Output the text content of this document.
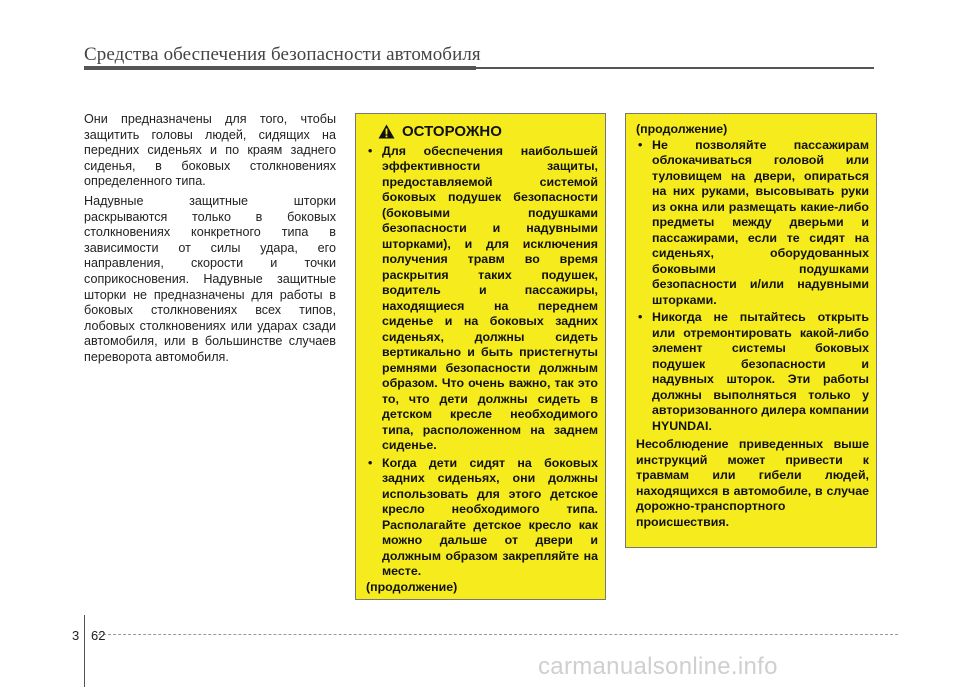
Средства обеспечения безопасности автомобиля

Они предназначены для того, чтобы защитить головы людей, сидящих на передних сиденьях и по краям заднего сиденья, в боковых столкновениях определенного типа.

Надувные защитные шторки раскрываются только в боковых столкновениях конкретного типа в зависимости от силы удара, его направления, скорости и точки соприкосновения. Надувные защитные шторки не предназначены для работы в боковых столкновениях всех типов, лобовых столкновениях или ударах сзади автомобиля, или в большинстве случаев переворота автомобиля.

ОСТОРОЖНО
• Для обеспечения наибольшей эффективности защиты, предоставляемой системой боковых подушек безопасности (боковыми подушками безопасности и надувными шторками), и для исключения получения травм во время раскрытия таких подушек, водитель и пассажиры, находящиеся на переднем сиденье и на боковых задних сиденьях, должны сидеть вертикально и быть пристегнуты ремнями безопасности должным образом. Что очень важно, так это то, что дети должны сидеть в детском кресле необходимого типа, расположенном на заднем сиденье.
• Когда дети сидят на боковых задних сиденьях, они должны использовать для этого детское кресло необходимого типа. Располагайте детское кресло как можно дальше от двери и должным образом закрепляйте на месте.

(продолжение)

(продолжение)

• Не позволяйте пассажирам облокачиваться головой или туловищем на двери, опираться на них руками, высовывать руки из окна или размещать какие-либо предметы между дверьми и пассажирами, если те сидят на сиденьях, оборудованных боковыми подушками безопасности и/или надувными шторками.
• Никогда не пытайтесь открыть или отремонтировать какой-либо элемент системы боковых подушек безопасности и надувных шторок. Эти работы должны выполняться только у авторизованного дилера компании HYUNDAI.

Несоблюдение приведенных выше инструкций может привести к травмам или гибели людей, находящихся в автомобиле, в случае дорожно-транспортного происшествия.

3 62
carmanualsonline.info
